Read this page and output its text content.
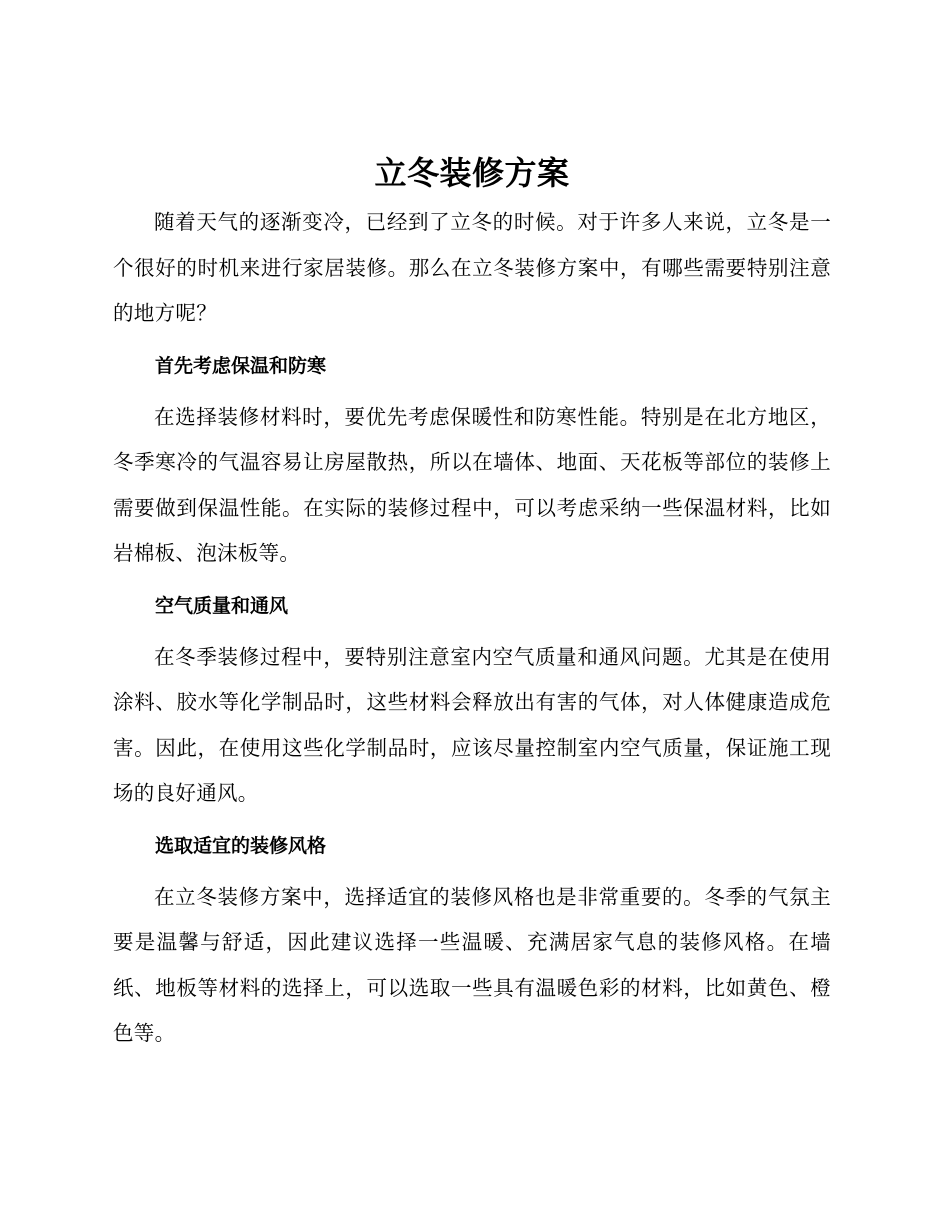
立冬装修方案

随着天气的逐渐变冷，已经到了立冬的时候。对于许多人来说，立冬是一个很好的时机来进行家居装修。那么在立冬装修方案中，有哪些需要特别注意的地方呢？

首先考虑保温和防寒

在选择装修材料时，要优先考虑保暖性和防寒性能。特别是在北方地区，冬季寒冷的气温容易让房屋散热，所以在墙体、地面、天花板等部位的装修上需要做到保温性能。在实际的装修过程中，可以考虑采纳一些保温材料，比如岩棉板、泡沫板等。

空气质量和通风

在冬季装修过程中，要特别注意室内空气质量和通风问题。尤其是在使用涂料、胶水等化学制品时，这些材料会释放出有害的气体，对人体健康造成危害。因此，在使用这些化学制品时，应该尽量控制室内空气质量，保证施工现场的良好通风。

选取适宜的装修风格

在立冬装修方案中，选择适宜的装修风格也是非常重要的。冬季的气氛主要是温馨与舒适，因此建议选择一些温暖、充满居家气息的装修风格。在墙纸、地板等材料的选择上，可以选取一些具有温暖色彩的材料，比如黄色、橙色等。
